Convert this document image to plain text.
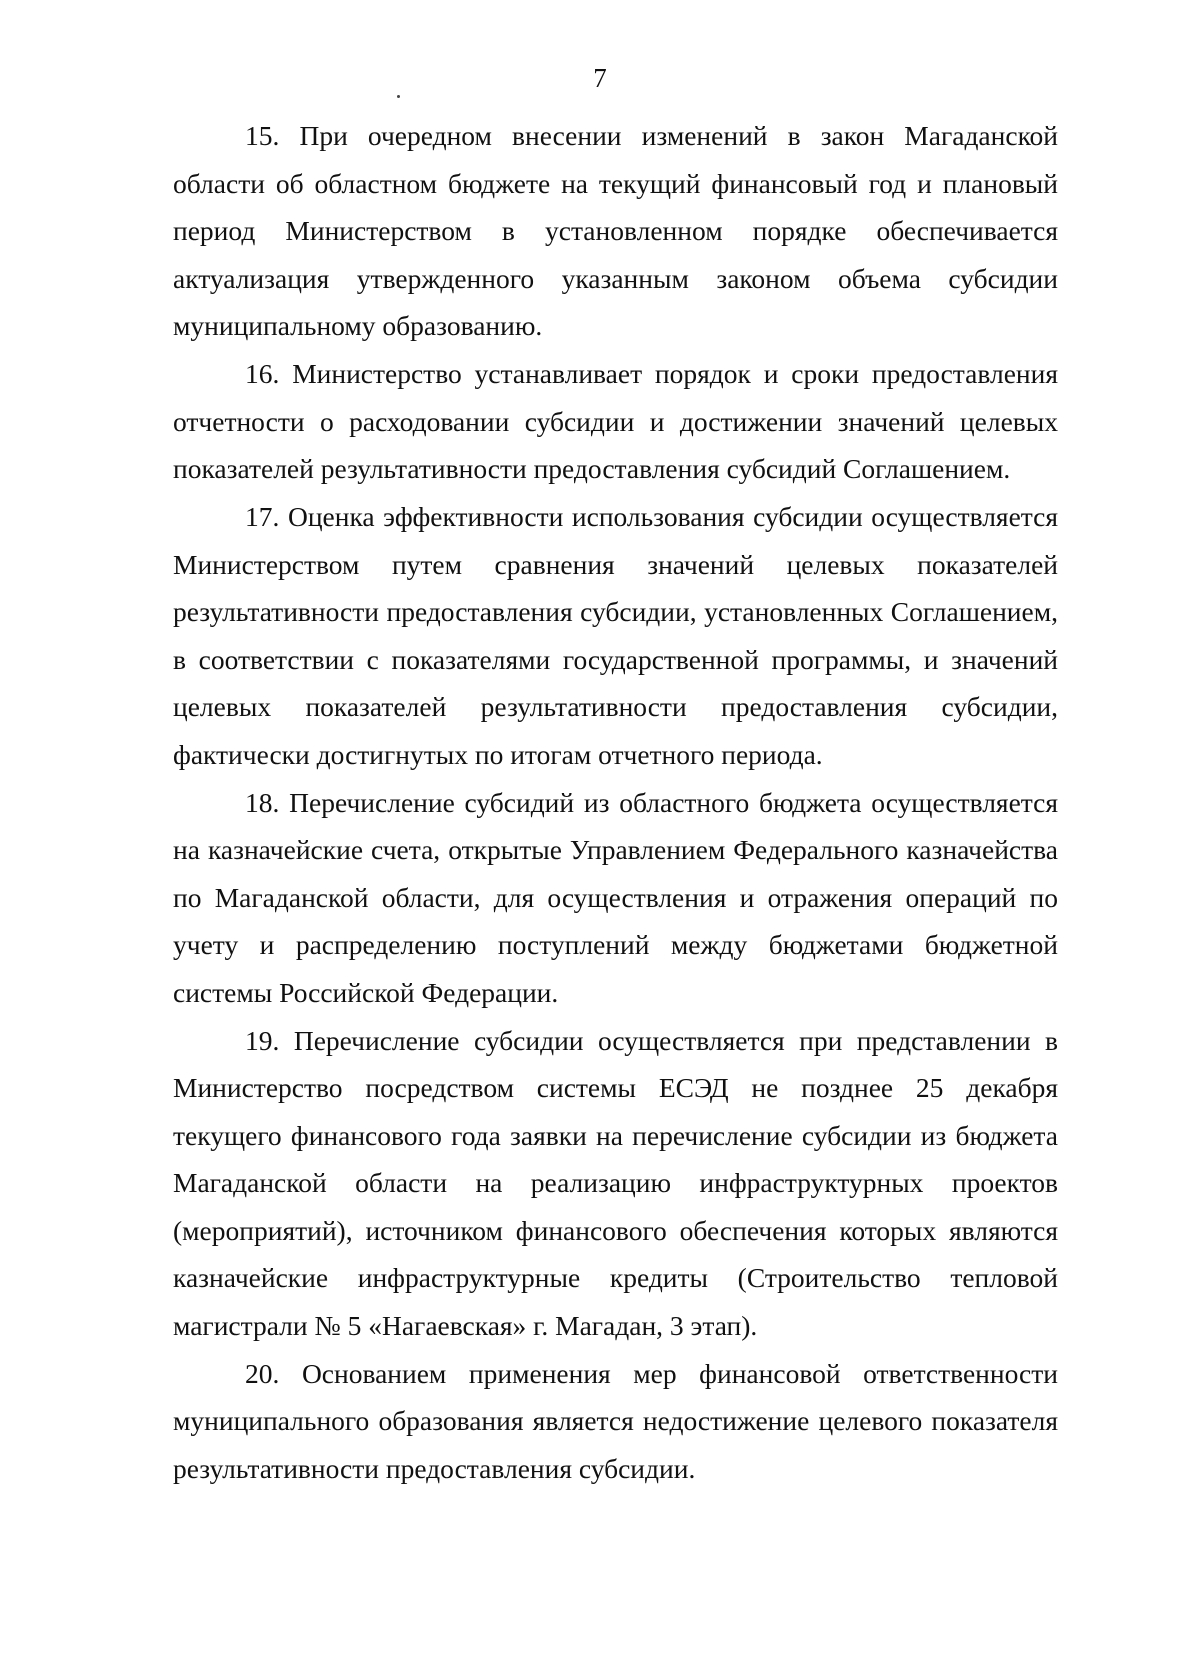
7

15. При очередном внесении изменений в закон Магаданской области об областном бюджете на текущий финансовый год и плановый период Министерством в установленном порядке обеспечивается актуализация утвержденного указанным законом объема субсидии муниципальному образованию.

16. Министерство устанавливает порядок и сроки предоставления отчетности о расходовании субсидии и достижении значений целевых показателей результативности предоставления субсидий Соглашением.

17. Оценка эффективности использования субсидии осуществляется Министерством путем сравнения значений целевых показателей результативности предоставления субсидии, установленных Соглашением, в соответствии с показателями государственной программы, и значений целевых показателей результативности предоставления субсидии, фактически достигнутых по итогам отчетного периода.

18. Перечисление субсидий из областного бюджета осуществляется на казначейские счета, открытые Управлением Федерального казначейства по Магаданской области, для осуществления и отражения операций по учету и распределению поступлений между бюджетами бюджетной системы Российской Федерации.

19. Перечисление субсидии осуществляется при представлении в Министерство посредством системы ЕСЭД не позднее 25 декабря текущего финансового года заявки на перечисление субсидии из бюджета Магаданской области на реализацию инфраструктурных проектов (мероприятий), источником финансового обеспечения которых являются казначейские инфраструктурные кредиты (Строительство тепловой магистрали № 5 «Нагаевская» г. Магадан, 3 этап).

20. Основанием применения мер финансовой ответственности муниципального образования является недостижение целевого показателя результативности предоставления субсидии.
